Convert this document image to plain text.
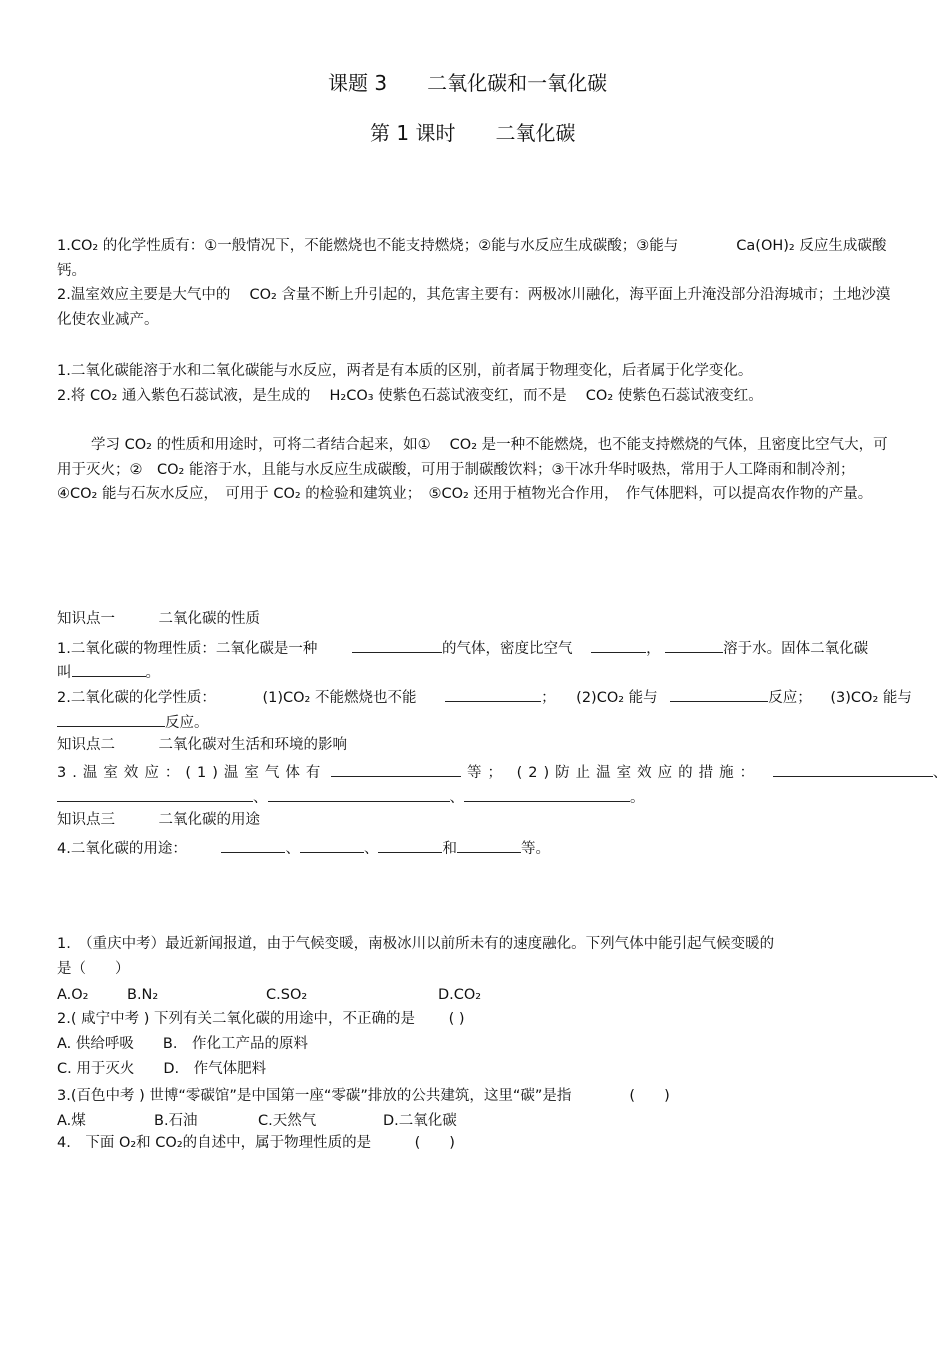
课题 3　　二氧化碳和一氧化碳
第 1 课时　　二氧化碳

1.CO₂ 的化学性质有：①一般情况下，不能燃烧也不能支持燃烧；②能与水反应生成碳酸；③能与　　　　Ca(OH)₂ 反应生成碳酸钙。

2.温室效应主要是大气中的　 CO₂ 含量不断上升引起的，其危害主要有：两极冰川融化，海平面上升淹没部分沿海城市；土地沙漠化使农业减产。

1.二氧化碳能溶于水和二氧化碳能与水反应，两者是有本质的区别，前者属于物理变化，后者属于化学变化。

2.将 CO₂ 通入紫色石蕊试液，是生成的　 H₂CO₃ 使紫色石蕊试液变红，而不是　 CO₂ 使紫色石蕊试液变红。

学习 CO₂ 的性质和用途时，可将二者结合起来，如①　 CO₂ 是一种不能燃烧，也不能支持燃烧的气体，且密度比空气大，可用于灭火；②　CO₂ 能溶于水，且能与水反应生成碳酸，可用于制碳酸饮料；③干冰升华时吸热，常用于人工降雨和制冷剂；　④CO₂ 能与石灰水反应，　可用于 CO₂ 的检验和建筑业；　⑤CO₂ 还用于植物光合作用，　作气体肥料，可以提高农作物的产量。

知识点一　　　二氧化碳的性质
1.二氧化碳的物理性质：二氧化碳是一种	的气体，密度比空气	，	溶于水。固体二氧化碳
叫	。
2.二氧化碳的化学性质：	(1)CO₂ 不能燃烧也不能	； (2)CO₂ 能与	反应； (3)CO₂ 能与
反应。
知识点二　　　二氧化碳对生活和环境的影响
3.温室效应：(1)温室气体有	等； (2)防止温室效应的措施：	、
、	、	。
知识点三　　　二氧化碳的用途
4.二氧化碳的用途：	、	、	和	等。
1.　（重庆中考）最近新闻报道，由于气候变暖，南极冰川以前所未有的速度融化。下列气体中能引起气候变暖的
是（　　）
A.O₂	B.N₂	C.SO₂	D.CO₂
2.( 咸宁中考 ) 下列有关二氧化碳的用途中，不正确的是　　 ( )
A. 供给呼吸　　B.　作化工产品的原料
C. 用于灭火　　D.　作气体肥料
3.(百色中考 ) 世博“零碳馆”是中国第一座“零碳”排放的公共建筑，这里“碳”是指　　　　(　　)
A.煤	B.石油	C.天然气	D.二氧化碳
4.　下面 O₂和 CO₂的自述中，属于物理性质的是　　　(　　)
